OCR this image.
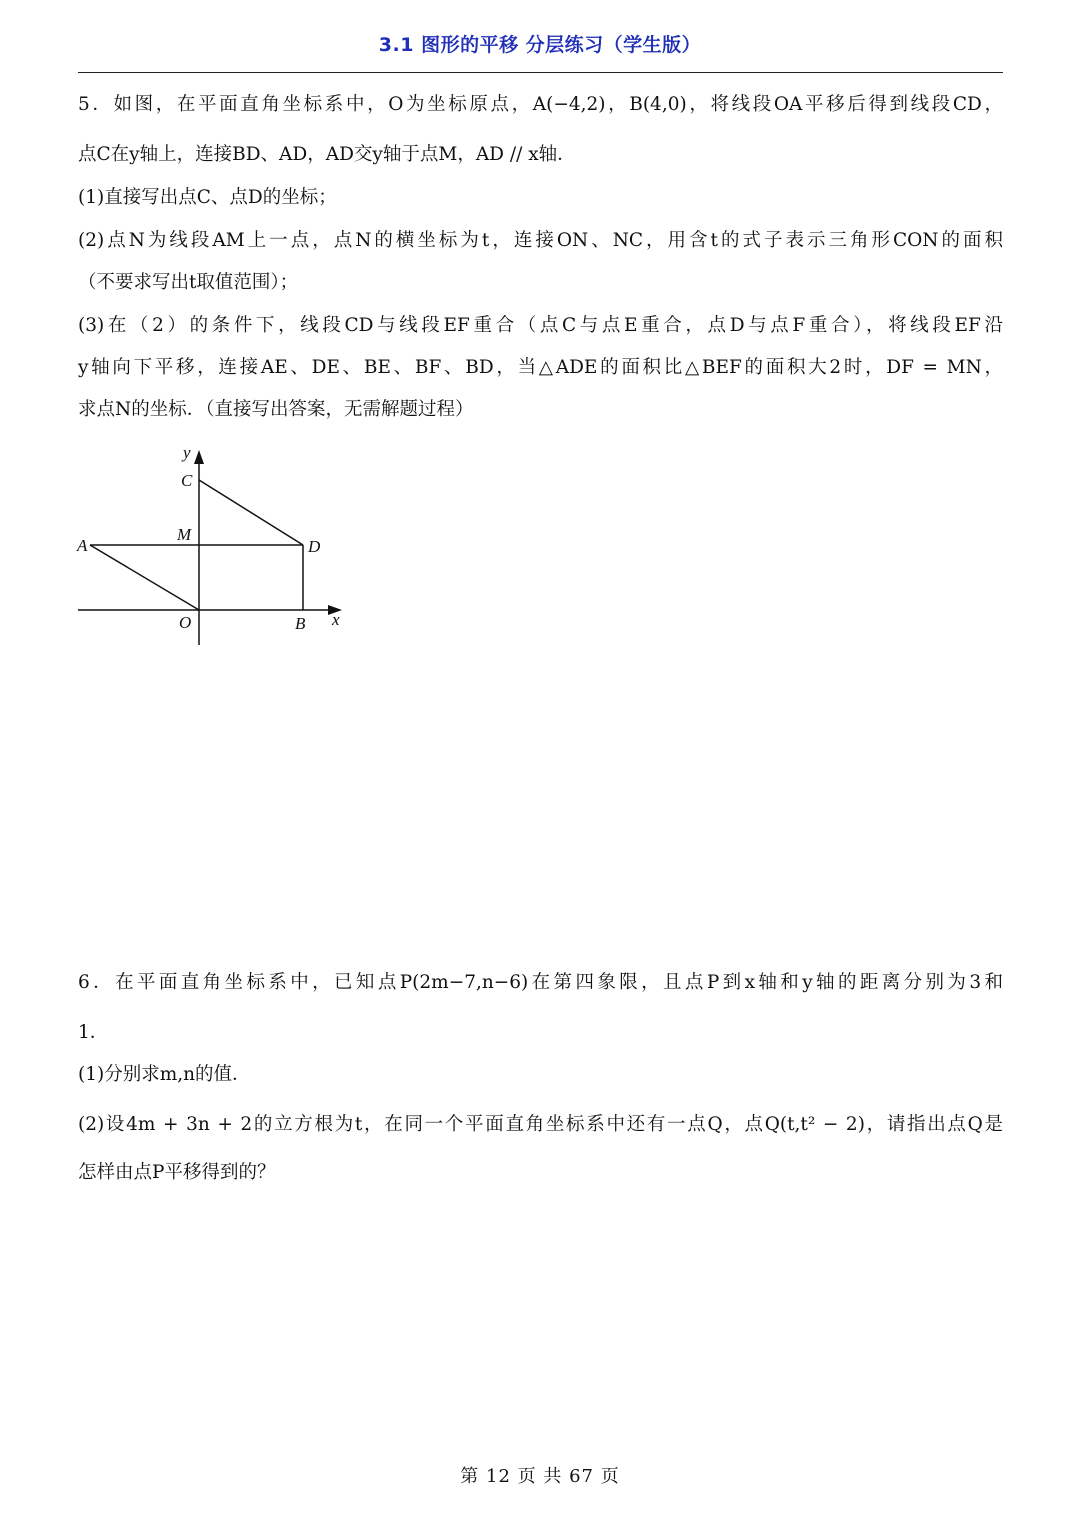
3.1 图形的平移 分层练习（学生版）
5．如图，在平面直角坐标系中，O为坐标原点，A(−4,2)，B(4,0)，将线段OA平移后得到线段CD，
点C在y轴上，连接BD、AD，AD交y轴于点M，AD // x轴．
(1)直接写出点C、点D的坐标；
(2)点N为线段AM上一点，点N的横坐标为t，连接ON、NC，用含t的式子表示三角形CON的面积
（不要求写出t取值范围）；
(3)在（2）的条件下，线段CD与线段EF重合（点C与点E重合，点D与点F重合），将线段EF沿
y轴向下平移，连接AE、DE、BE、BF、BD，当△ADE的面积比△BEF的面积大2时，DF = MN，
求点N的坐标．（直接写出答案，无需解题过程）
y
x
C
M
A	D
O	B
6．在平面直角坐标系中，已知点P(2m−7,n−6)在第四象限，且点P到x轴和y轴的距离分别为3和
1．
(1)分别求m,n的值．
(2)设4m + 3n + 2的立方根为t，在同一个平面直角坐标系中还有一点Q，点Q(t,t² − 2)，请指出点Q是
怎样由点P平移得到的？
第 12 页 共 67 页
